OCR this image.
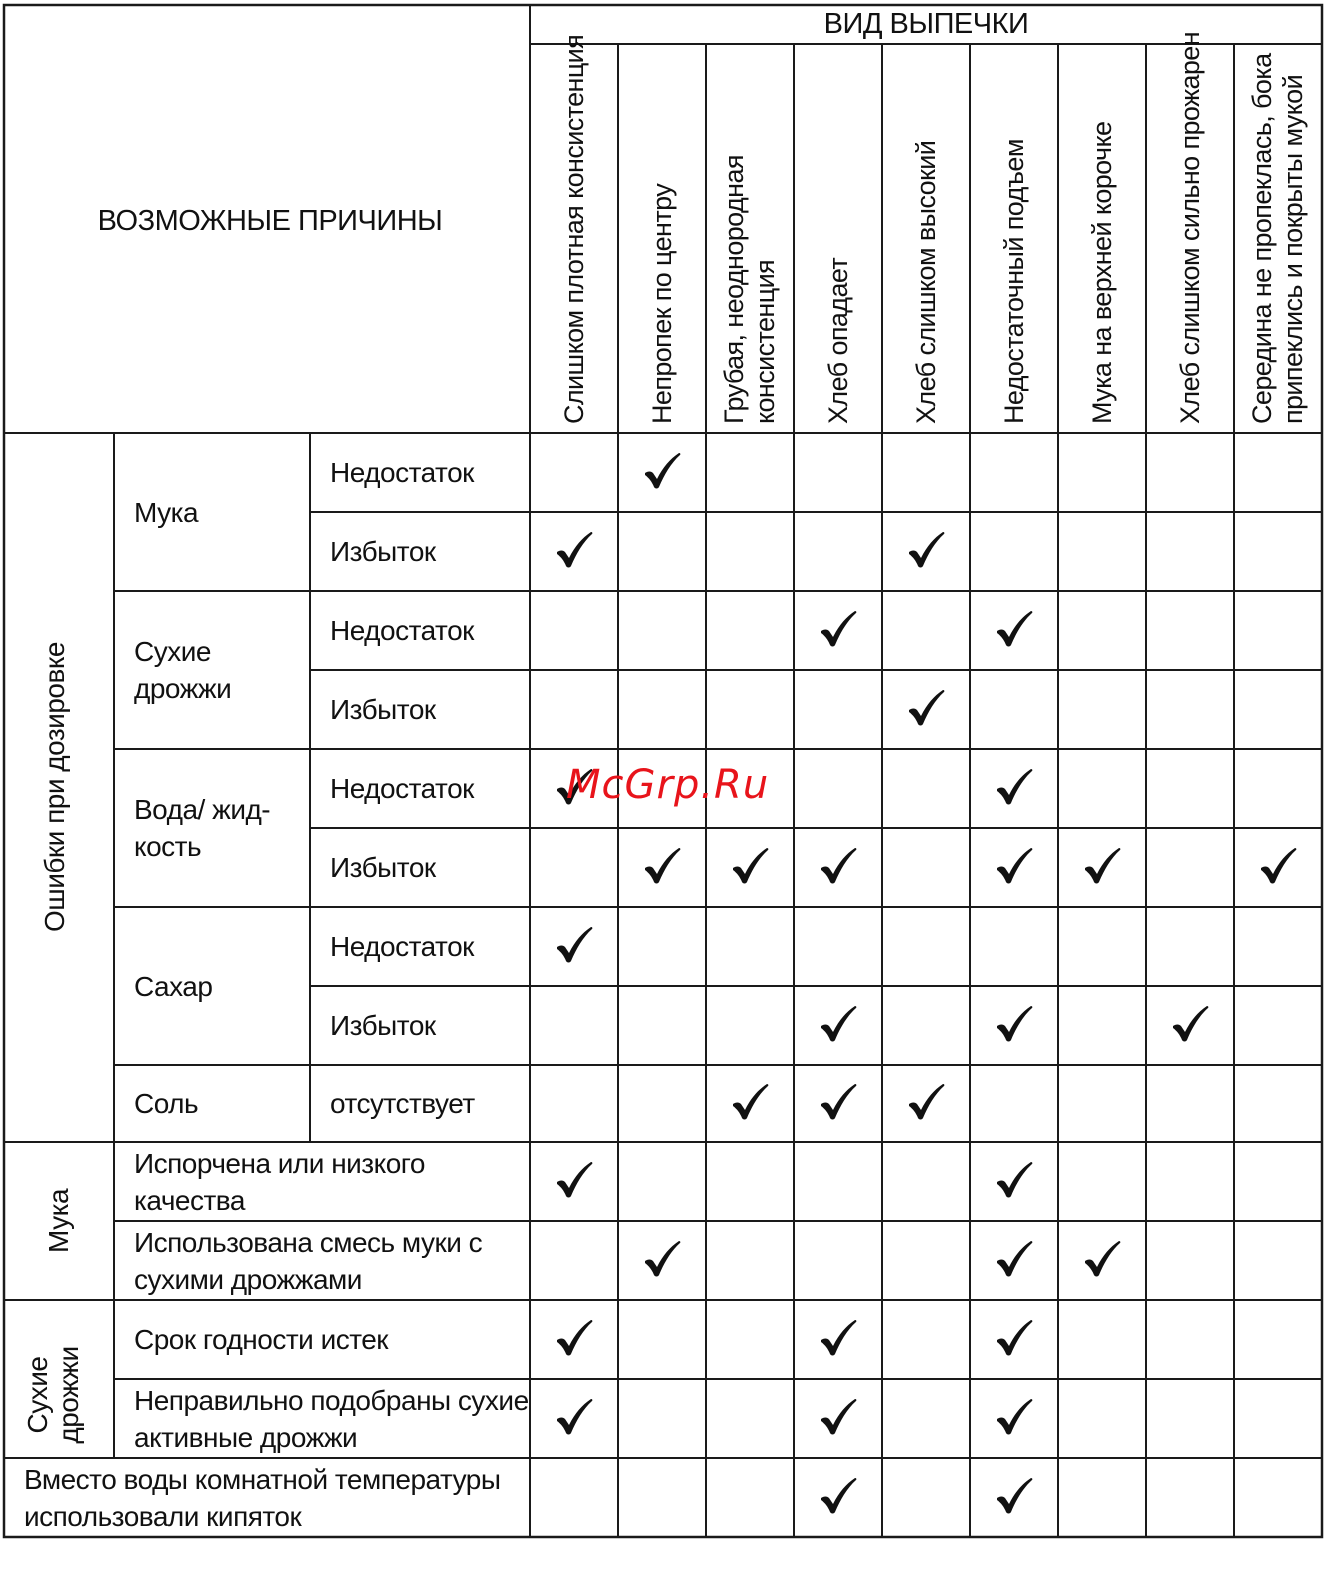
ВОЗМОЖНЫЕ ПРИЧИНЫ
ВИД ВЫПЕЧКИ
Слишком плотная консистенция Непропек по центру Грубая, неоднородная консистенция Хлеб опадает Хлеб слишком высокий Недостаточный подъем Мука на верхней корочке Хлеб слишком сильно прожарен Середина не пропеклась, бока припеклись и покрыты мукой
Ошибки при дозировке
Мука
Сухие дрожжи
Мука
Сухие дрожжи
Вода/ жид-
кость
Сахар
Соль
Недостаток
Избыток
Недостаток
Избыток
Недостаток
Избыток
Недостаток
Избыток
отсутствует
Испорчена или низкого качества
Использована смесь муки с
сухими дрожжами
Срок годности истек
Неправильно подобраны сухие
активные дрожжи
Вместо воды комнатной температуры
использовали кипяток
McGrp.Ru
